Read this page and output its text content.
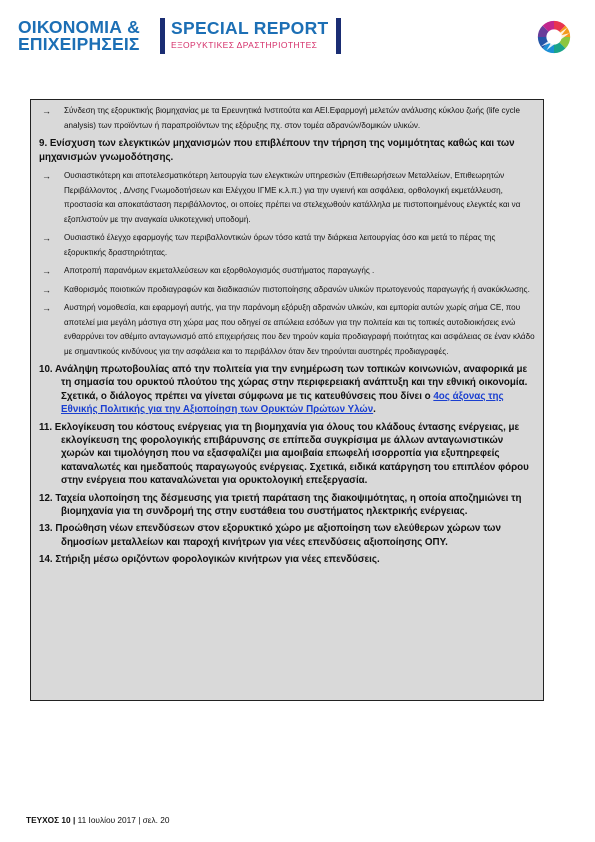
ΟΙΚΟΝΟΜΙΑ &
ΕΠΙΧΕΙΡΗΣΕΙΣ
SPECIAL REPORT
ΕΞΟΡΥΚΤΙΚΕΣ ΔΡΑΣΤΗΡΙΟΤΗΤΕΣ
→ Σύνδεση της εξορυκτικής βιομηχανίας με τα Ερευνητικά Ινστιτούτα και ΑΕΙ.Εφαρμογή μελετών ανάλυσης κύκλου ζωής (life cycle analysis) των προϊόντων ή παραπροϊόντων της εξόρυξης πχ. στον τομέα αδρανών/δομικών υλικών.
9. Ενίσχυση των ελεγκτικών μηχανισμών που επιβλέπουν την τήρηση της νομιμότητας καθώς και των μηχανισμών γνωμοδότησης.
→ Ουσιαστικότερη και αποτελεσματικότερη λειτουργία των ελεγκτικών υπηρεσιών (Επιθεωρήσεων Μεταλλείων, Επιθεωρητών Περιβάλλοντος , Δ/νσης Γνωμοδοτήσεων και Ελέγχου ΙΓΜΕ κ.λ.π.) για την υγιεινή και ασφάλεια, ορθολογική εκμετάλλευση, προστασία και αποκατάσταση περιβάλλοντος, οι οποίες πρέπει να στελεχωθούν κατάλληλα με πιστοποιημένους ελεγκτές και να εξοπλιστούν με την αναγκαία υλικοτεχνική υποδομή.
→ Ουσιαστικό έλεγχο εφαρμογής των περιβαλλοντικών όρων τόσο κατά την διάρκεια λειτουργίας όσο και μετά το πέρας της εξορυκτικής δραστηριότητας.
→ Αποτροπή παρανόμων εκμεταλλεύσεων και εξορθολογισμός συστήματος παραγωγής .
→ Καθορισμός ποιοτικών προδιαγραφών και διαδικασιών πιστοποίησης αδρανών υλικών πρωτογενούς παραγωγής ή ανακύκλωσης.
→ Αυστηρή νομοθεσία, και εφαρμογή αυτής, για την παράνομη εξόρυξη αδρανών υλικών, και εμπορία αυτών χωρίς σήμα CE, που αποτελεί μια μεγάλη μάστιγα στη χώρα μας που οδηγεί σε απώλεια εσόδων για την πολιτεία και τις τοπικές αυτοδιοικήσεις ενώ ενθαρρύνει τον αθέμιτο ανταγωνισμό από επιχειρήσεις που δεν τηρούν καμία προδιαγραφή ποιότητας και ασφάλειας σε έναν κλάδο με σημαντικούς κινδύνους για την ασφάλεια και το περιβάλλον όταν δεν τηρούνται αυστηρές προδιαγραφές.
10. Ανάληψη πρωτοβουλίας από την πολιτεία για την ενημέρωση των τοπικών κοινωνιών, αναφορικά με τη σημασία του ορυκτού πλούτου της χώρας στην περιφερειακή ανάπτυξη και την εθνική οικονομία. Σχετικά, ο διάλογος πρέπει να γίνεται σύμφωνα με τις κατευθύνσεις που δίνει ο 4ος άξονας της Εθνικής Πολιτικής για την Αξιοποίηση των Ορυκτών Πρώτων Υλών.
11. Εκλογίκευση του κόστους ενέργειας για τη βιομηχανία για όλους του κλάδους έντασης ενέργειας, με εκλογίκευση της φορολογικής επιβάρυνσης σε επίπεδα συγκρίσιμα με άλλων ανταγωνιστικών χωρών και τιμολόγηση που να εξασφαλίζει μια αμοιβαία επωφελή ισορροπία για εξυπηρεφείς καταναλωτές και ημεδαπούς παραγωγούς ενέργειας. Σχετικά, ειδικά κατάργηση του επιπλέον φόρου στην ενέργεια που καταναλώνεται για ορυκτολογική επεξεργασία.
12. Ταχεία υλοποίηση της δέσμευσης για τριετή παράταση της διακοψιμότητας, η οποία αποζημιώνει τη βιομηχανία για τη συνδρομή της στην ευστάθεια του συστήματος ηλεκτρικής ενέργειας.
13. Προώθηση νέων επενδύσεων στον εξορυκτικό χώρο με αξιοποίηση των ελεύθερων χώρων των δημοσίων μεταλλείων και παροχή κινήτρων για νέες επενδύσεις αξιοποίησης ΟΠΥ.
14. Στήριξη μέσω οριζόντων φορολογικών κινήτρων για νέες επενδύσεις.
ΤΕΥΧΟΣ 10 | 11 Ιουλίου 2017 | σελ. 20
